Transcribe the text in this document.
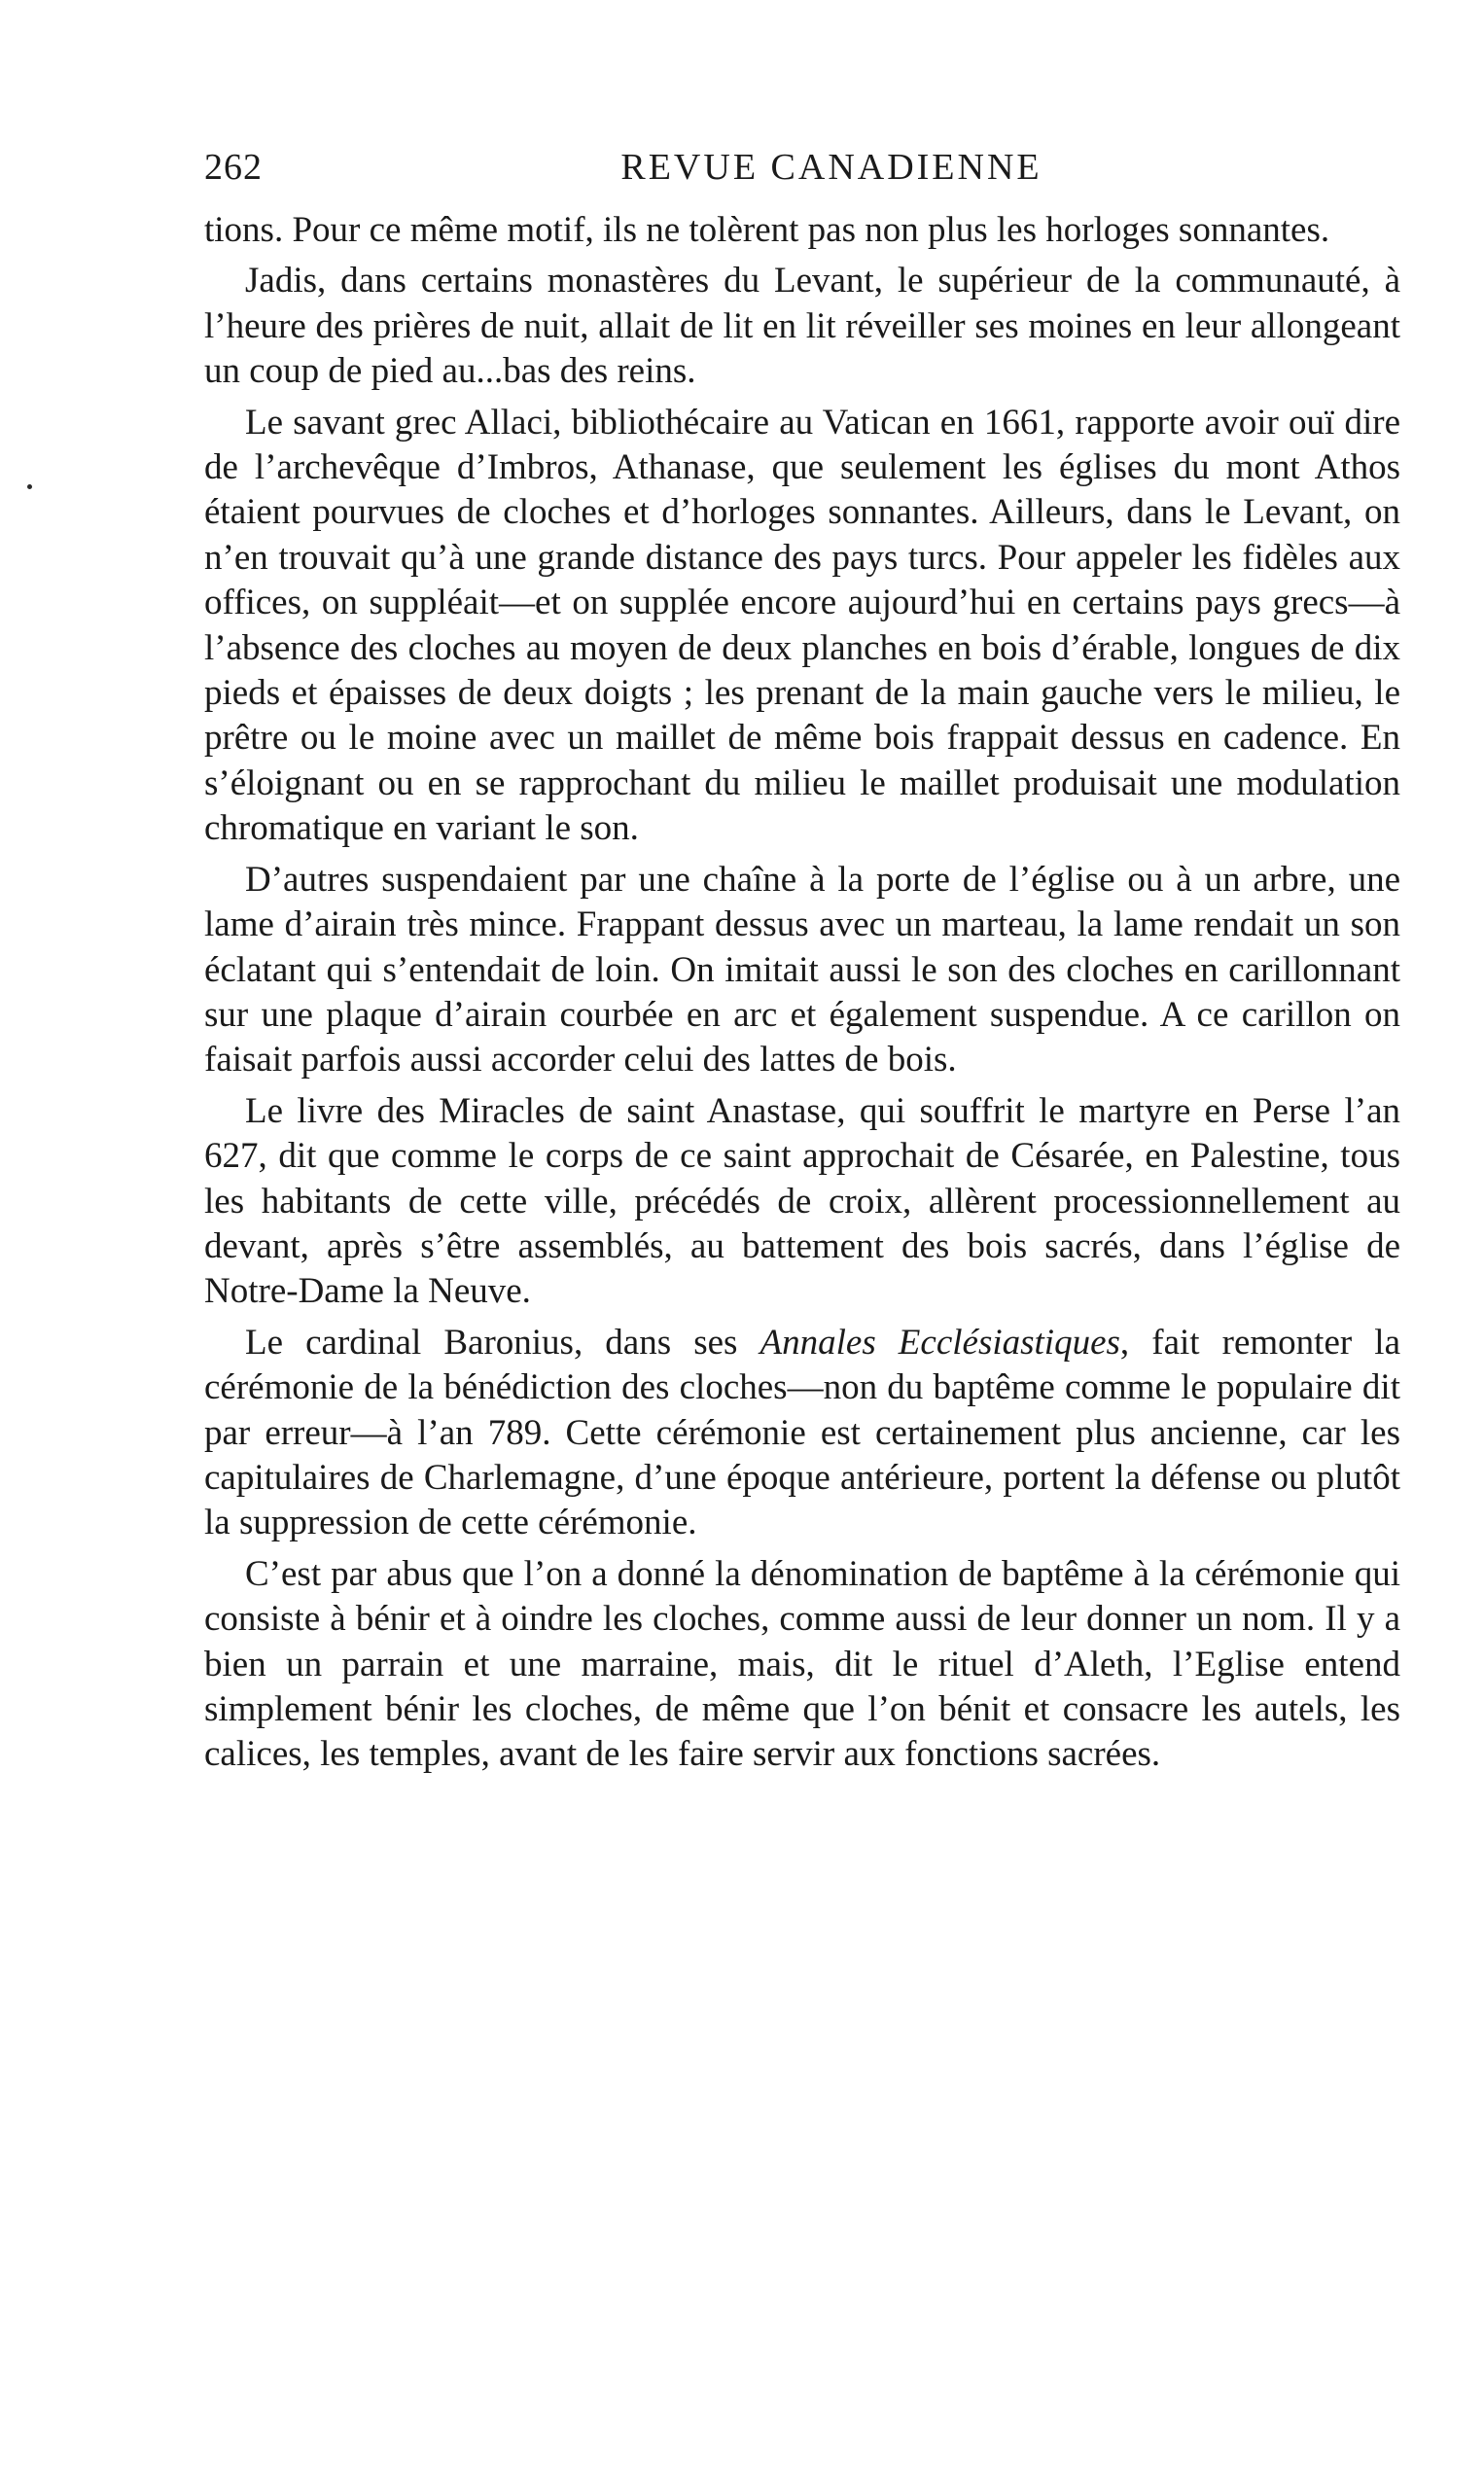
262	REVUE CANADIENNE

tions. Pour ce même motif, ils ne tolèrent pas non plus les horloges sonnantes.

Jadis, dans certains monastères du Levant, le supérieur de la communauté, à l’heure des prières de nuit, allait de lit en lit réveiller ses moines en leur allongeant un coup de pied au...bas des reins.

Le savant grec Allaci, bibliothécaire au Vatican en 1661, rapporte avoir ouï dire de l’archevêque d’Imbros, Athanase, que seulement les églises du mont Athos étaient pourvues de cloches et d’horloges sonnantes. Ailleurs, dans le Levant, on n’en trouvait qu’à une grande distance des pays turcs. Pour appeler les fidèles aux offices, on suppléait—et on supplée encore aujourd’hui en certains pays grecs—à l’absence des cloches au moyen de deux planches en bois d’érable, longues de dix pieds et épaisses de deux doigts ; les prenant de la main gauche vers le milieu, le prêtre ou le moine avec un maillet de même bois frappait dessus en cadence. En s’éloignant ou en se rapprochant du milieu le maillet produisait une modulation chromatique en variant le son.

D’autres suspendaient par une chaîne à la porte de l’église ou à un arbre, une lame d’airain très mince. Frappant dessus avec un marteau, la lame rendait un son éclatant qui s’entendait de loin. On imitait aussi le son des cloches en carillonnant sur une plaque d’airain courbée en arc et également suspendue. A ce carillon on faisait parfois aussi accorder celui des lattes de bois.

Le livre des Miracles de saint Anastase, qui souffrit le martyre en Perse l’an 627, dit que comme le corps de ce saint approchait de Césarée, en Palestine, tous les habitants de cette ville, précédés de croix, allèrent processionnellement au devant, après s’être assemblés, au battement des bois sacrés, dans l’église de Notre-Dame la Neuve.

Le cardinal Baronius, dans ses Annales Ecclésiastiques, fait remonter la cérémonie de la bénédiction des cloches—non du baptême comme le populaire dit par erreur—à l’an 789. Cette cérémonie est certainement plus ancienne, car les capitulaires de Charlemagne, d’une époque antérieure, portent la défense ou plutôt la suppression de cette cérémonie.

C’est par abus que l’on a donné la dénomination de baptême à la cérémonie qui consiste à bénir et à oindre les cloches, comme aussi de leur donner un nom. Il y a bien un parrain et une marraine, mais, dit le rituel d’Aleth, l’Eglise entend simplement bénir les cloches, de même que l’on bénit et consacre les autels, les calices, les temples, avant de les faire servir aux fonctions sacrées.
